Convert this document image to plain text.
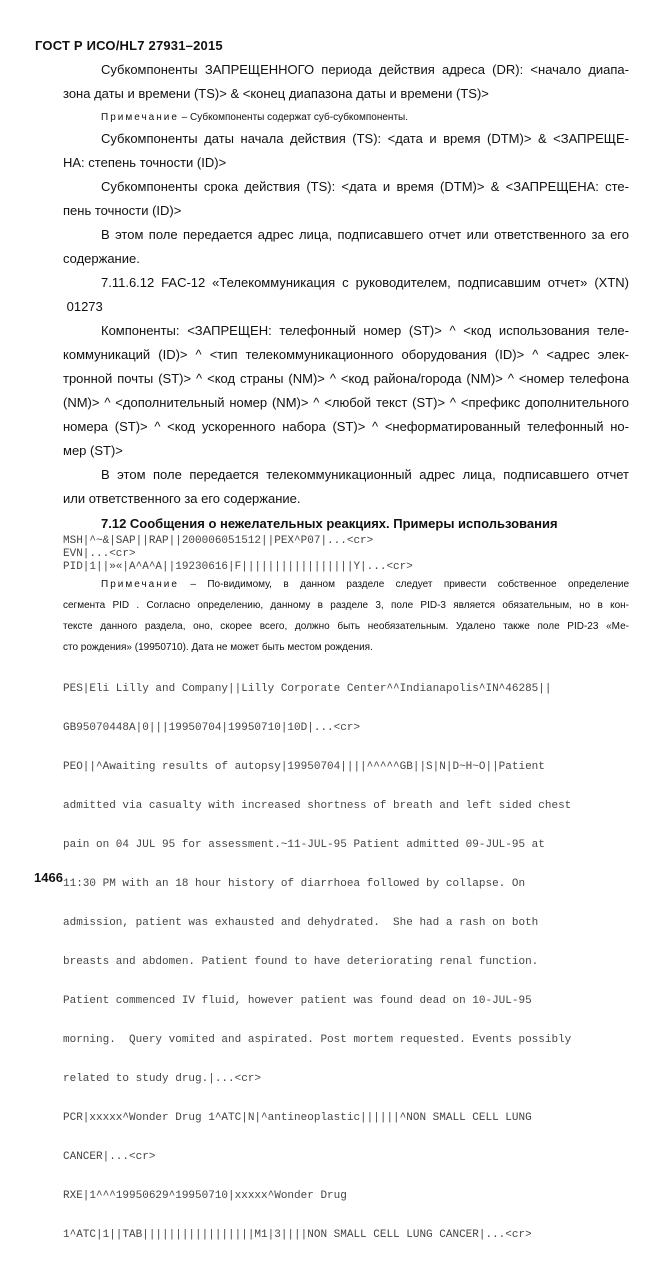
ГОСТ Р ИСО/HL7 27931–2015
Субкомпоненты ЗАПРЕЩЕННОГО периода действия адреса (DR): <начало диапа-
зона даты и времени (TS)> & <конец диапазона даты и времени (TS)>
Примечание – Субкомпоненты содержат суб-субкомпоненты.
Субкомпоненты даты начала действия (TS): <дата и время (DTM)> & <ЗАПРЕЩЕ-
НА: степень точности (ID)>
Субкомпоненты срока действия (TS): <дата и время (DTM)> & <ЗАПРЕЩЕНА: сте-
пень точности (ID)>
В этом поле передается адрес лица, подписавшего отчет или ответственного за его
содержание.
7.11.6.12 FAC-12 «Телекоммуникация с руководителем, подписавшим отчет» (XTN)
01273
Компоненты: <ЗАПРЕЩЕН: телефонный номер (ST)> ^ <код использования теле-
коммуникаций (ID)> ^ <тип телекоммуникационного оборудования (ID)> ^ <адрес элек-
тронной почты (ST)> ^ <код страны (NM)> ^ <код района/города (NM)> ^ <номер телефона
(NM)> ^ <дополнительный номер (NM)> ^ <любой текст (ST)> ^ <префикс дополнительного
номера (ST)> ^ <код ускоренного набора (ST)> ^ <неформатированный телефонный но-
мер (ST)>
В этом поле передается телекоммуникационный адрес лица, подписавшего отчет
или ответственного за его содержание.
7.12 Сообщения о нежелательных реакциях. Примеры использования
MSH|^~&|SAP||RAP||200006051512||PEX^P07|...<cr>
EVN|...<cr>
PID|1||»«|A^A^A||19230616|F|||||||||||||||||Y|...<cr>
Примечание – По-видимому, в данном разделе следует привести собственное определение
сегмента PID . Согласно определению, данному в разделе 3, поле PID-3 является обязательным, но в кон-
тексте данного раздела, оно, скорее всего, должно быть необязательным. Удалено также поле PID-23 «Ме-
сто рождения» (19950710). Дата не может быть местом рождения.

PES|Eli Lilly and Company||Lilly Corporate Center^^Indianapolis^IN^46285||

GB95070448A|0|||19950704|19950710|10D|...<cr>

PEO||^Awaiting results of autopsy|19950704||||^^^^^GB||S|N|D~H~O||Patient

admitted via casualty with increased shortness of breath and left sided chest

pain on 04 JUL 95 for assessment.~11-JUL-95 Patient admitted 09-JUL-95 at

11:30 PM with an 18 hour history of diarrhoea followed by collapse. On

admission, patient was exhausted and dehydrated.  She had a rash on both

breasts and abdomen. Patient found to have deteriorating renal function.

Patient commenced IV fluid, however patient was found dead on 10-JUL-95

morning.  Query vomited and aspirated. Post mortem requested. Events possibly

related to study drug.|...<cr>

PCR|xxxxx^Wonder Drug 1^ATC|N|^antineoplastic||||||^NON SMALL CELL LUNG

CANCER|...<cr>

RXE|1^^^19950629^19950710|xxxxx^Wonder Drug

1^ATC|1||TAB|||||||||||||||||M1|3||||NON SMALL CELL LUNG CANCER|...<cr>

1466
